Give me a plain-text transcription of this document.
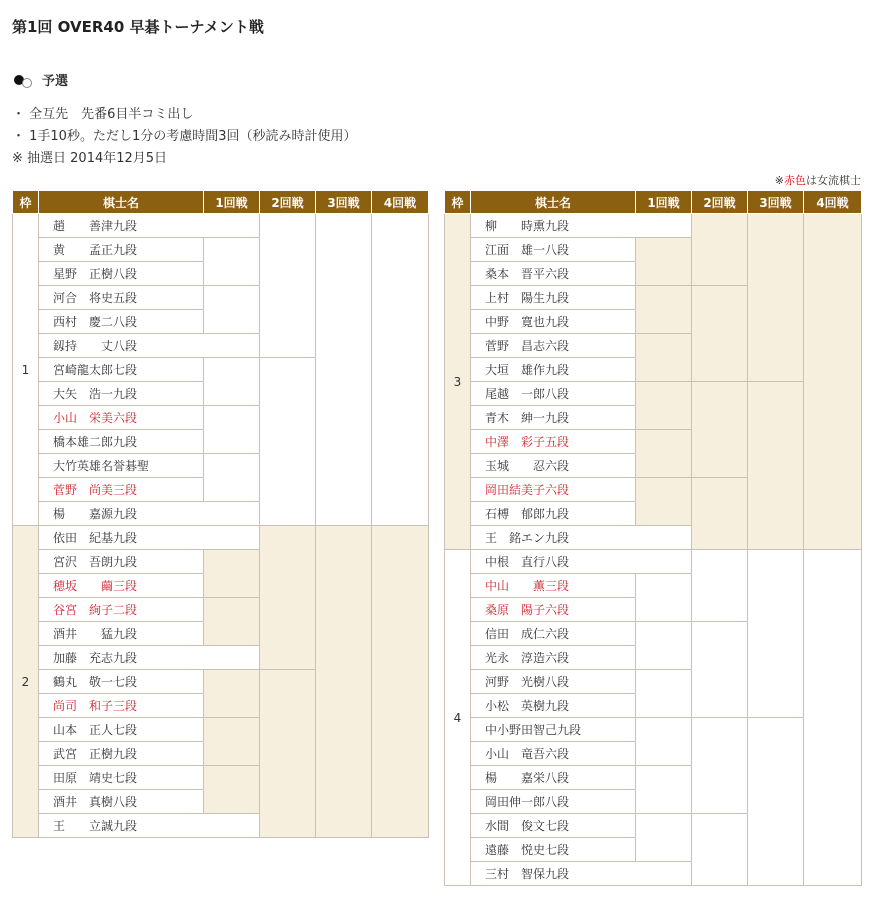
第1回 OVER40 早碁トーナメント戦
予選
・ 全互先　先番6目半コミ出し
・ 1手10秒。ただし1分の考慮時間3回（秒読み時計使用）
※ 抽選日 2014年12月5日
※赤色は女流棋士
枠	棋士名	1回戦	2回戦	3回戦	4回戦
1	趙　　善津九段				
	黄　　孟正九段				
	星野　正樹八段				
	河合　将史五段				
	西村　慶二八段				
	釼持　　丈八段				
	宮崎龍太郎七段				
	大矢　浩一九段				
	小山　栄美六段				
	橋本雄二郎九段				
	大竹英雄名誉碁聖				
	菅野　尚美三段				
	楊　　嘉源九段				
2	依田　紀基九段				
	宮沢　吾朗九段				
	穂坂　　繭三段				
	谷宮　絢子二段				
	酒井　　猛九段				
	加藤　充志九段				
	鶴丸　敬一七段				
	尚司　和子三段				
	山本　正人七段				
	武宮　正樹九段				
	田原　靖史七段				
	酒井　真樹八段				
	王　　立誠九段				
枠	棋士名	1回戦	2回戦	3回戦	4回戦
3	柳　　時熏九段				
	江面　雄一八段				
	桑本　晋平六段				
	上村　陽生九段				
	中野　寛也九段				
	菅野　昌志六段				
	大垣　雄作九段				
	尾越　一郎八段				
	青木　紳一九段				
	中澤　彩子五段				
	玉城　　忍六段				
	岡田結美子六段				
	石榑　郁郎九段				
	王　銘エン九段				
4	中根　直行八段				
	中山　　薫三段				
	桑原　陽子六段				
	信田　成仁六段				
	光永　淳造六段				
	河野　光樹八段				
	小松　英樹九段				
	中小野田智己九段				
	小山　竜吾六段				
	楊　　嘉栄八段				
	岡田伸一郎八段				
	水間　俊文七段				
	遠藤　悦史七段				
	三村　智保九段				
